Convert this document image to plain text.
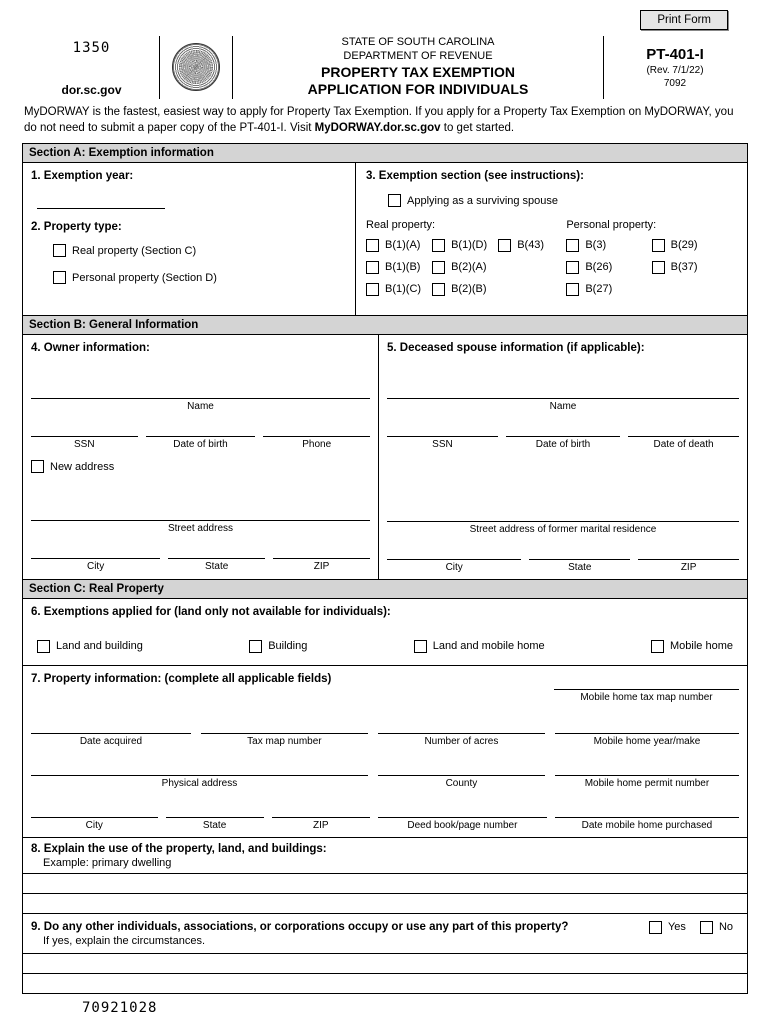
Print Form
1350
dor.sc.gov
STATE OF SOUTH CAROLINA
DEPARTMENT OF REVENUE
PROPERTY TAX EXEMPTION
APPLICATION FOR INDIVIDUALS
PT-401-I
(Rev. 7/1/22)
7092
MyDORWAY is the fastest, easiest way to apply for Property Tax Exemption. If you apply for a Property Tax Exemption on MyDORWAY, you do not need to submit a paper copy of the PT-401-I. Visit MyDORWAY.dor.sc.gov to get started.
Section A: Exemption information
1. Exemption year:
2. Property type:
Real property (Section C)
Personal property (Section D)
3. Exemption section (see instructions):
Applying as a surviving spouse
Real property:	Personal property:
B(1)(A)	B(1)(D)	B(43)
B(1)(B)	B(2)(A)
B(1)(C)	B(2)(B)
B(3)	B(29)
B(26)	B(37)
B(27)
Section B: General Information
4. Owner information:
Name
SSN	Date of birth	Phone
New address
Street address
City	State	ZIP
5. Deceased spouse information (if applicable):
Name
SSN	Date of birth	Date of death
Street address of former marital residence
City	State	ZIP
Section C: Real Property
6. Exemptions applied for (land only not available for individuals):
Land and building	Building	Land and mobile home	Mobile home
7. Property information: (complete all applicable fields)
Mobile home tax map number
Date acquired	Tax map number	Number of acres	Mobile home year/make
Physical address	County	Mobile home permit number
City	State	ZIP	Deed book/page number	Date mobile home purchased
8. Explain the use of the property, land, and buildings:
Example: primary dwelling
9. Do any other individuals, associations, or corporations occupy or use any part of this property?
If yes, explain the circumstances.
Yes	No
70921028
